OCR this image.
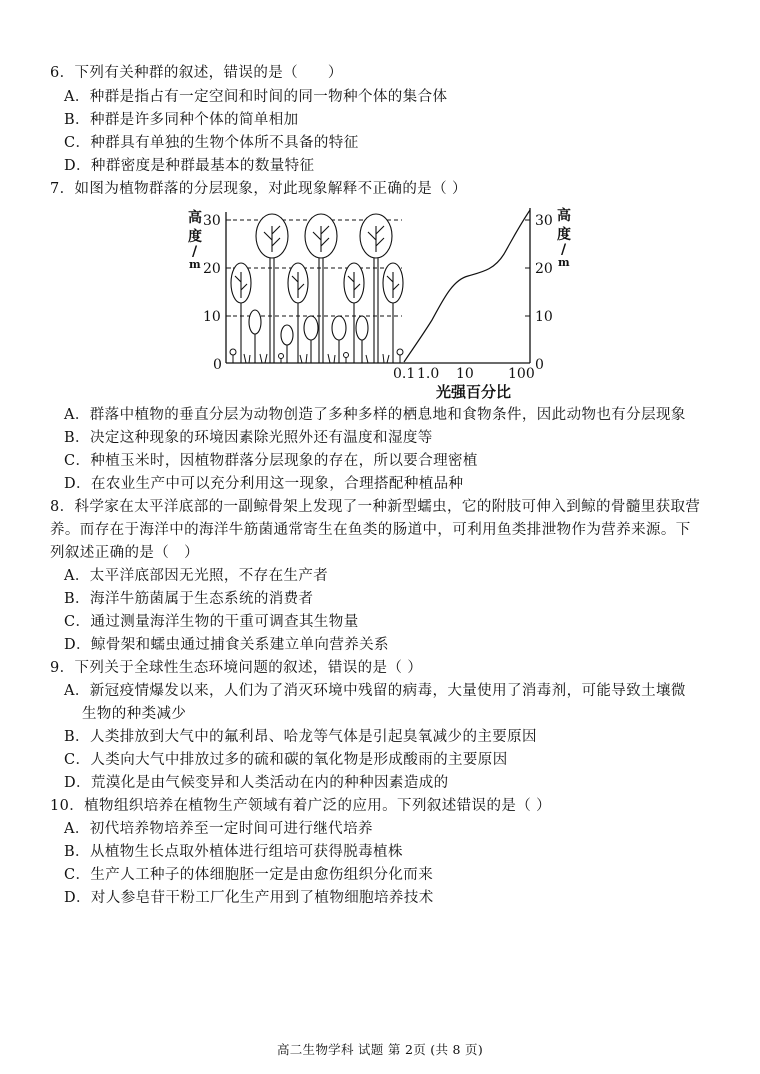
6．下列有关种群的叙述，错误的是（　　）
A．种群是指占有一定空间和时间的同一物种个体的集合体
B．种群是许多同种个体的简单相加
C．种群具有单独的生物个体所不具备的特征
D．种群密度是种群最基本的数量特征
7．如图为植物群落的分层现象，对此现象解释不正确的是（ ）
高
度
/
m
30
20
10
0
30
20
10
0
高
度
/
m
0.1 1.0 10 100
光强百分比
A．群落中植物的垂直分层为动物创造了多种多样的栖息地和食物条件，因此动物也有分层现象
B．决定这种现象的环境因素除光照外还有温度和湿度等
C．种植玉米时，因植物群落分层现象的存在，所以要合理密植
D．在农业生产中可以充分利用这一现象，合理搭配种植品种
8．科学家在太平洋底部的一副鲸骨架上发现了一种新型蠕虫，它的附肢可伸入到鲸的骨髓里获取营
养。而存在于海洋中的海洋牛筋菌通常寄生在鱼类的肠道中，可利用鱼类排泄物作为营养来源。下
列叙述正确的是（　）
A．太平洋底部因无光照，不存在生产者
B．海洋牛筋菌属于生态系统的消费者
C．通过测量海洋生物的干重可调查其生物量
D．鲸骨架和蠕虫通过捕食关系建立单向营养关系
9．下列关于全球性生态环境问题的叙述，错误的是（ ）
A．新冠疫情爆发以来，人们为了消灭环境中残留的病毒，大量使用了消毒剂，可能导致土壤微
生物的种类减少
B．人类排放到大气中的氟利昂、哈龙等气体是引起臭氧减少的主要原因
C．人类向大气中排放过多的硫和碳的氧化物是形成酸雨的主要原因
D．荒漠化是由气候变异和人类活动在内的种种因素造成的
10．植物组织培养在植物生产领域有着广泛的应用。下列叙述错误的是（ ）
A．初代培养物培养至一定时间可进行继代培养
B．从植物生长点取外植体进行组培可获得脱毒植株
C．生产人工种子的体细胞胚一定是由愈伤组织分化而来
D．对人参皂苷干粉工厂化生产用到了植物细胞培养技术
高二生物学科 试题 第 2页 (共 8 页)
